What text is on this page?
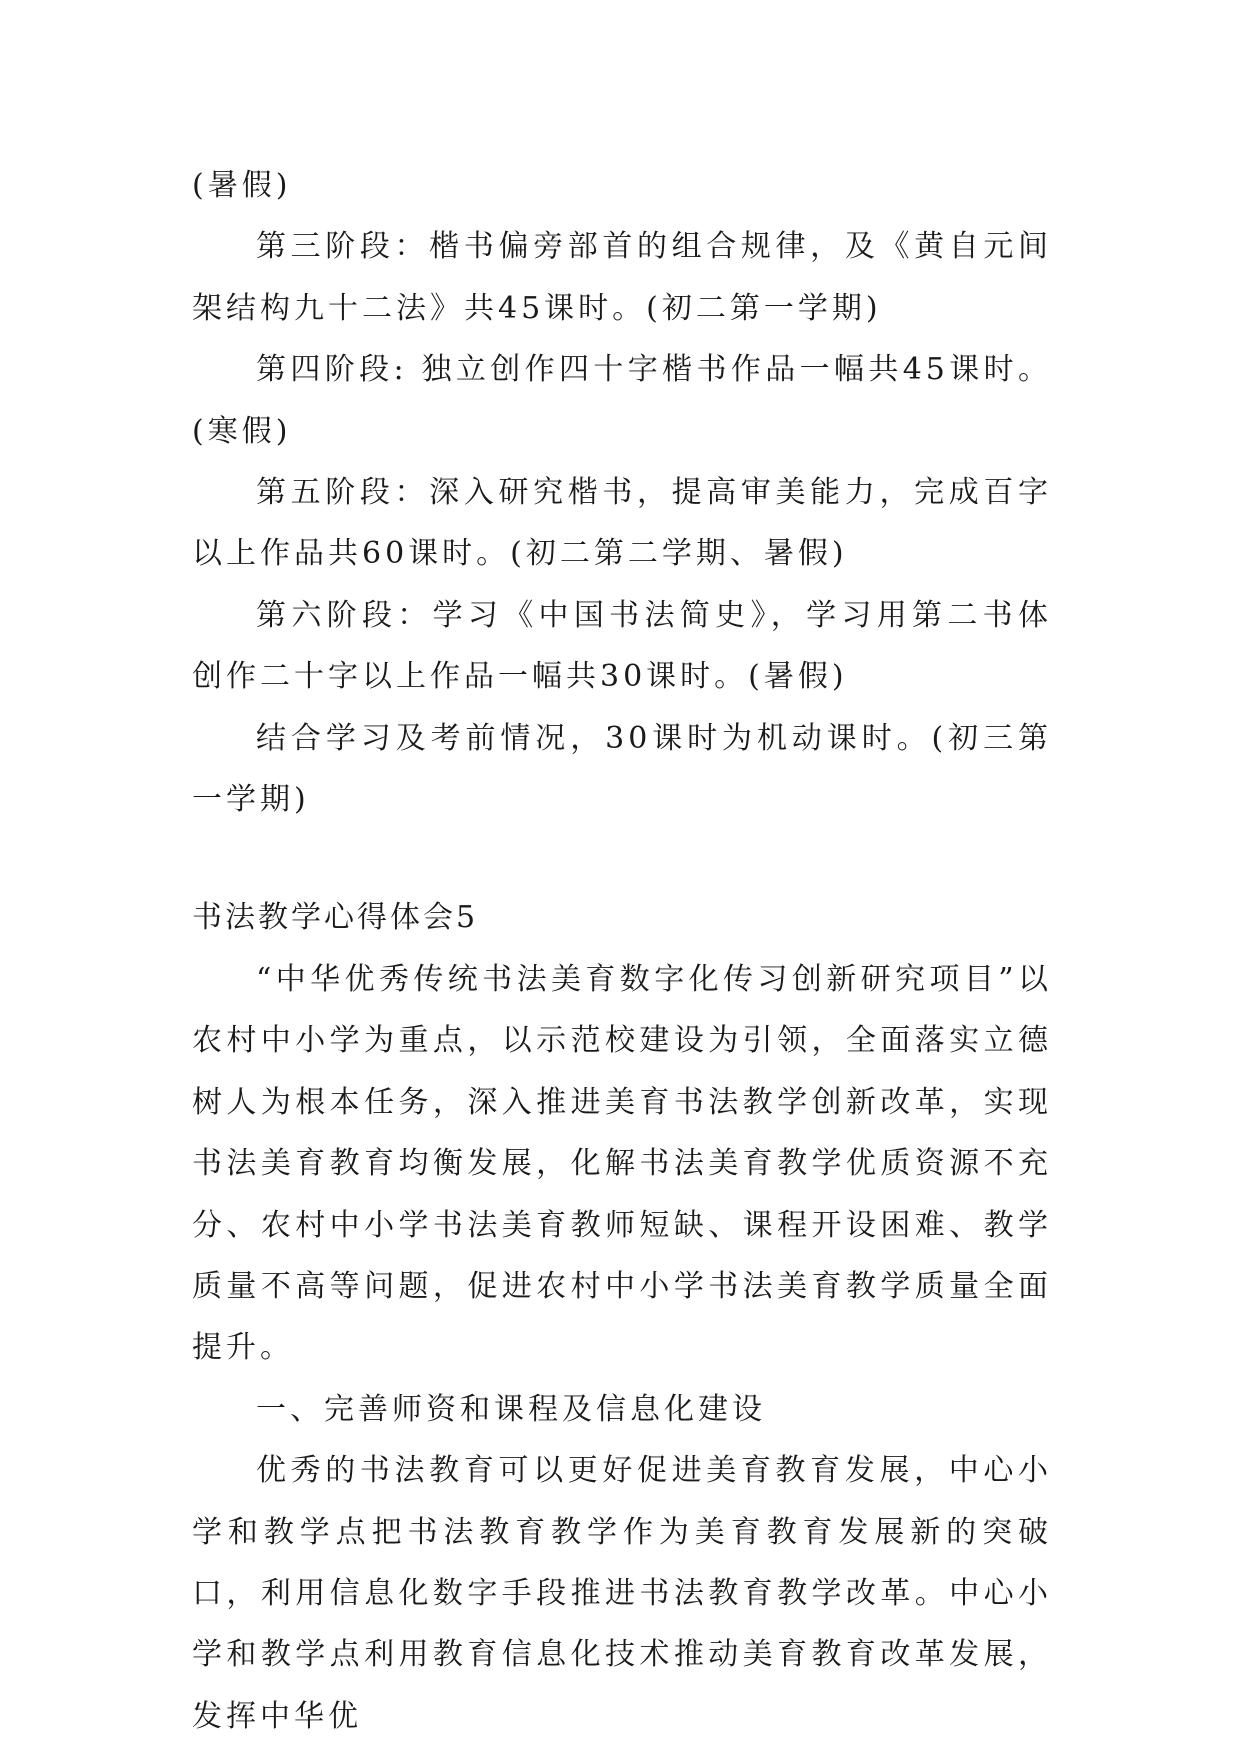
(暑假)

第三阶段：楷书偏旁部首的组合规律，及《黄自元间架结构九十二法》共45课时。(初二第一学期)

第四阶段: 独立创作四十字楷书作品一幅共45课时。(寒假)

第五阶段：深入研究楷书，提高审美能力，完成百字以上作品共60课时。(初二第二学期、暑假)

第六阶段：学习《中国书法简史》，学习用第二书体创作二十字以上作品一幅共30课时。(暑假)

结合学习及考前情况，30课时为机动课时。(初三第一学期)

书法教学心得体会5

“中华优秀传统书法美育数字化传习创新研究项目”以农村中小学为重点，以示范校建设为引领，全面落实立德树人为根本任务，深入推进美育书法教学创新改革，实现书法美育教育均衡发展，化解书法美育教学优质资源不充分、农村中小学书法美育教师短缺、课程开设困难、教学质量不高等问题，促进农村中小学书法美育教学质量全面提升。

一、完善师资和课程及信息化建设

优秀的书法教育可以更好促进美育教育发展，中心小学和教学点把书法教育教学作为美育教育发展新的突破口，利用信息化数字手段推进书法教育教学改革。中心小学和教学点利用教育信息化技术推动美育教育改革发展，发挥中华优
